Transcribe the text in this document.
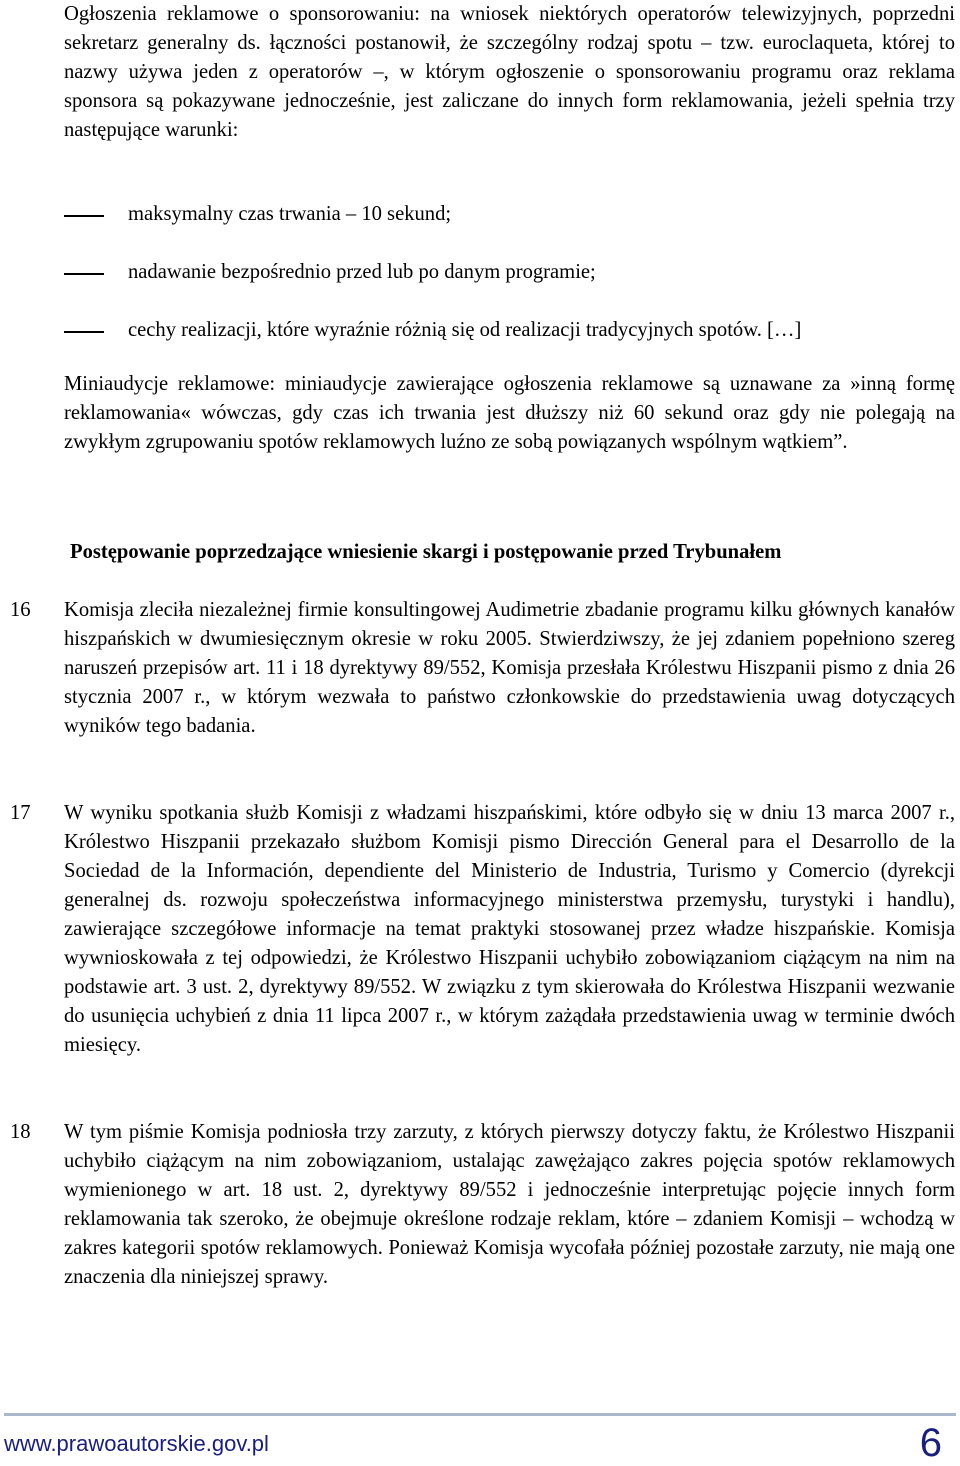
Ogłoszenia reklamowe o sponsorowaniu: na wniosek niektórych operatorów telewizyjnych, poprzedni sekretarz generalny ds. łączności postanowił, że szczególny rodzaj spotu – tzw. euroclaqueta, której to nazwy używa jeden z operatorów –, w którym ogłoszenie o sponsorowaniu programu oraz reklama sponsora są pokazywane jednocześnie, jest zaliczane do innych form reklamowania, jeżeli spełnia trzy następujące warunki:

maksymalny czas trwania – 10 sekund;
nadawanie bezpośrednio przed lub po danym programie;
cechy realizacji, które wyraźnie różnią się od realizacji tradycyjnych spotów. […]

Miniaudycje reklamowe: miniaudycje zawierające ogłoszenia reklamowe są uznawane za »inną formę reklamowania« wówczas, gdy czas ich trwania jest dłuższy niż 60 sekund oraz gdy nie polegają na zwykłym zgrupowaniu spotów reklamowych luźno ze sobą powiązanych wspólnym wątkiem”.

Postępowanie poprzedzające wniesienie skargi i postępowanie przed Trybunałem
16 Komisja zleciła niezależnej firmie konsultingowej Audimetrie zbadanie programu kilku głównych kanałów hiszpańskich w dwumiesięcznym okresie w roku 2005. Stwierdziwszy, że jej zdaniem popełniono szereg naruszeń przepisów art. 11 i 18 dyrektywy 89/552, Komisja przesłała Królestwu Hiszpanii pismo z dnia 26 stycznia 2007 r., w którym wezwała to państwo członkowskie do przedstawienia uwag dotyczących wyników tego badania.

17 W wyniku spotkania służb Komisji z władzami hiszpańskimi, które odbyło się w dniu 13 marca 2007 r., Królestwo Hiszpanii przekazało służbom Komisji pismo Dirección General para el Desarrollo de la Sociedad de la Información, dependiente del Ministerio de Industria, Turismo y Comercio (dyrekcji generalnej ds. rozwoju społeczeństwa informacyjnego ministerstwa przemysłu, turystyki i handlu), zawierające szczegółowe informacje na temat praktyki stosowanej przez władze hiszpańskie. Komisja wywnioskowała z tej odpowiedzi, że Królestwo Hiszpanii uchybiło zobowiązaniom ciążącym na nim na podstawie art. 3 ust. 2, dyrektywy 89/552. W związku z tym skierowała do Królestwa Hiszpanii wezwanie do usunięcia uchybień z dnia 11 lipca 2007 r., w którym zażądała przedstawienia uwag w terminie dwóch miesięcy.

18 W tym piśmie Komisja podniosła trzy zarzuty, z których pierwszy dotyczy faktu, że Królestwo Hiszpanii uchybiło ciążącym na nim zobowiązaniom, ustalając zawężająco zakres pojęcia spotów reklamowych wymienionego w art. 18 ust. 2, dyrektywy 89/552 i jednocześnie interpretując pojęcie innych form reklamowania tak szeroko, że obejmuje określone rodzaje reklam, które – zdaniem Komisji – wchodzą w zakres kategorii spotów reklamowych. Ponieważ Komisja wycofała później pozostałe zarzuty, nie mają one znaczenia dla niniejszej sprawy.

www.prawoautorskie.gov.pl	6
